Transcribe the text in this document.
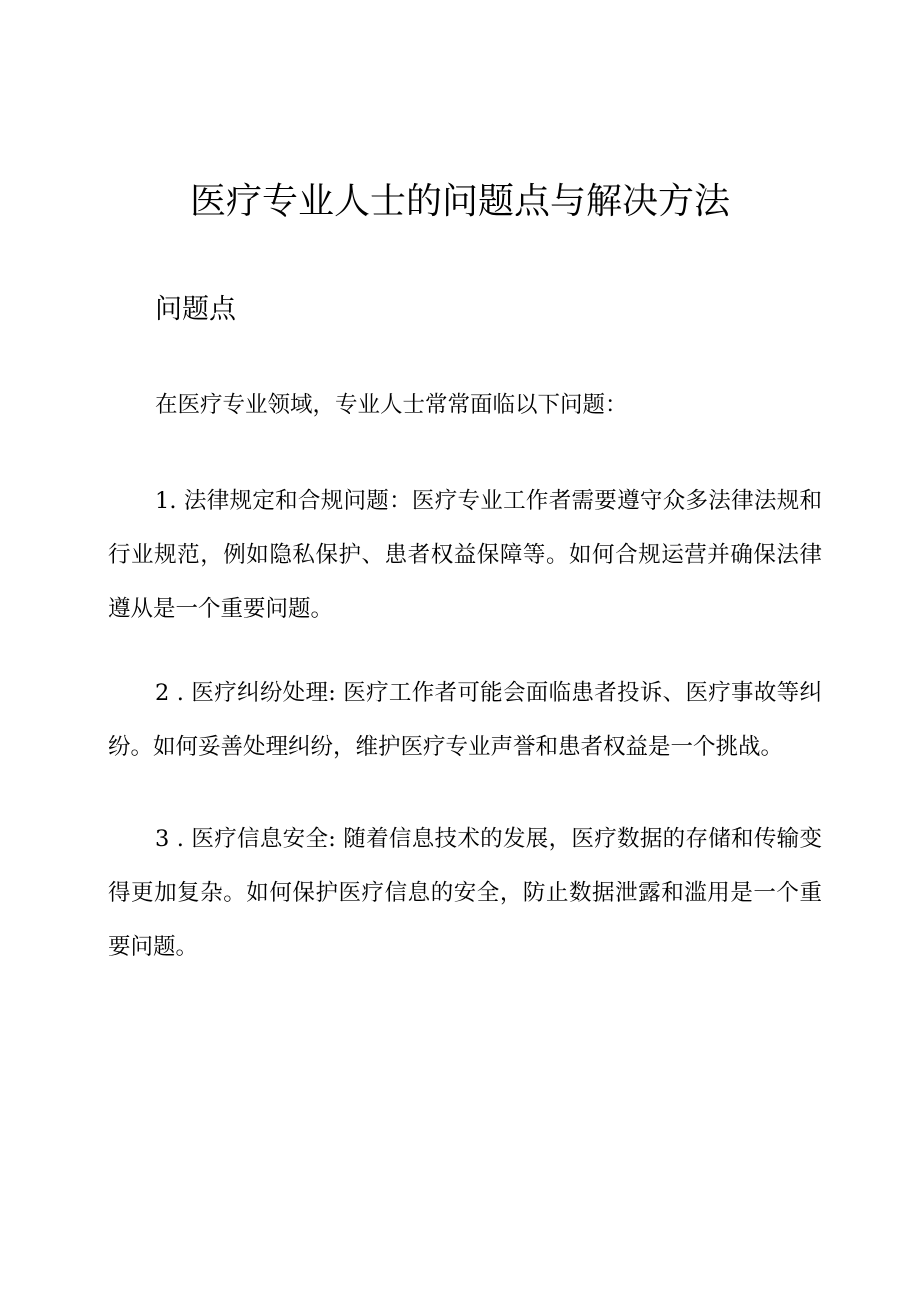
医疗专业人士的问题点与解决方法
问题点

在医疗专业领域，专业人士常常面临以下问题：

1. 法律规定和合规问题：医疗专业工作者需要遵守众多法律法规和行业规范，例如隐私保护、患者权益保障等。如何合规运营并确保法律遵从是一个重要问题。

2 . 医疗纠纷处理: 医疗工作者可能会面临患者投诉、医疗事故等纠纷。如何妥善处理纠纷，维护医疗专业声誉和患者权益是一个挑战。

3 . 医疗信息安全: 随着信息技术的发展，医疗数据的存储和传输变得更加复杂。如何保护医疗信息的安全，防止数据泄露和滥用是一个重要问题。
